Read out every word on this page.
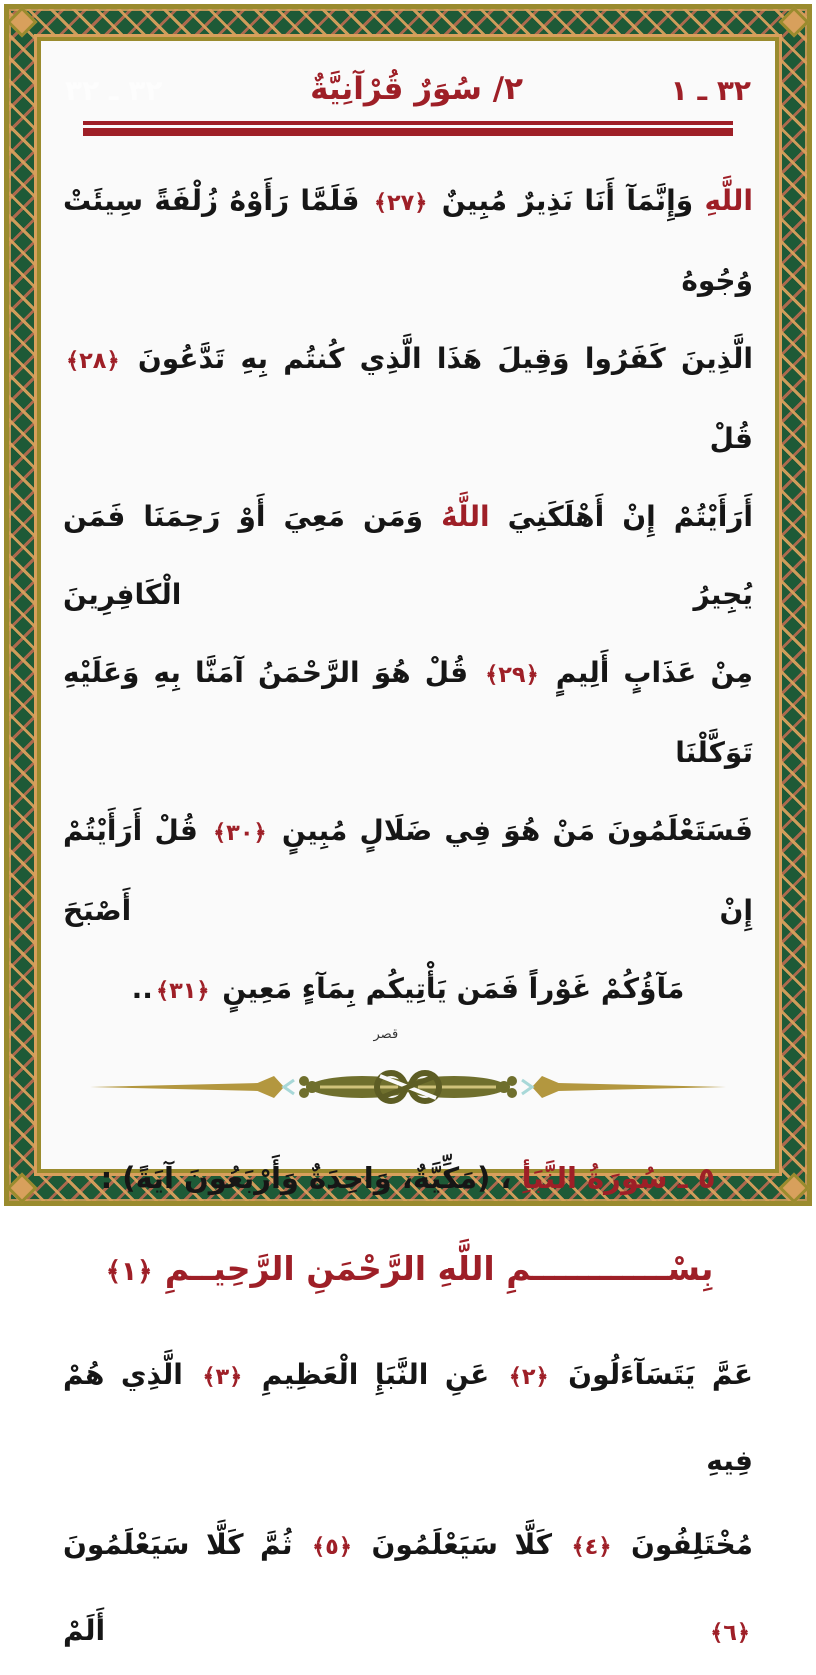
٣٢ ـ ١
٢/ سُوَرٌ قُرْآنِيَّةٌ
٣٢ ـ ٣٢
اللَّهِ وَإِنَّمَآ أَنَا نَذِيرٌ مُبِينٌ ﴿٢٧﴾ فَلَمَّا رَأَوْهُ زُلْفَةً سِيئَتْ وُجُوهُ
الَّذِينَ كَفَرُوا وَقِيلَ هَذَا الَّذِي كُنتُم بِهِ تَدَّعُونَ ﴿٢٨﴾ قُلْ
أَرَأَيْتُمْ إِنْ أَهْلَكَنِيَ اللَّهُ وَمَن مَعِيَ أَوْ رَحِمَنَا فَمَن يُجِيرُ الْكَافِرِينَ
مِنْ عَذَابٍ أَلِيمٍ ﴿٢٩﴾ قُلْ هُوَ الرَّحْمَنُ آمَنَّا بِهِ وَعَلَيْهِ تَوَكَّلْنَا
فَسَتَعْلَمُونَ مَنْ هُوَ فِي ضَلَالٍ مُبِينٍ ﴿٣٠﴾ قُلْ أَرَأَيْتُمْ إِنْ أَصْبَحَ
مَآؤُكُمْ غَوْراً فَمَن يَأْتِيكُم بِمَآءٍ مَعِينٍ ﴿٣١﴾..
قصر
٥ ـ سُورَةُ النَّبَأِ ، (مَكِّيَّةٌ، وَاحِدَةٌ وَأَرْبَعُونَ آيَةً) :
بِسْــــــــــــمِ اللَّهِ الرَّحْمَنِ الرَّحِيــمِ ﴿١﴾
عَمَّ يَتَسَآءَلُونَ ﴿٢﴾ عَنِ النَّبَإِ الْعَظِيمِ ﴿٣﴾ الَّذِي هُمْ فِيهِ
مُخْتَلِفُونَ ﴿٤﴾ كَلَّا سَيَعْلَمُونَ ﴿٥﴾ ثُمَّ كَلَّا سَيَعْلَمُونَ ﴿٦﴾ أَلَمْ
